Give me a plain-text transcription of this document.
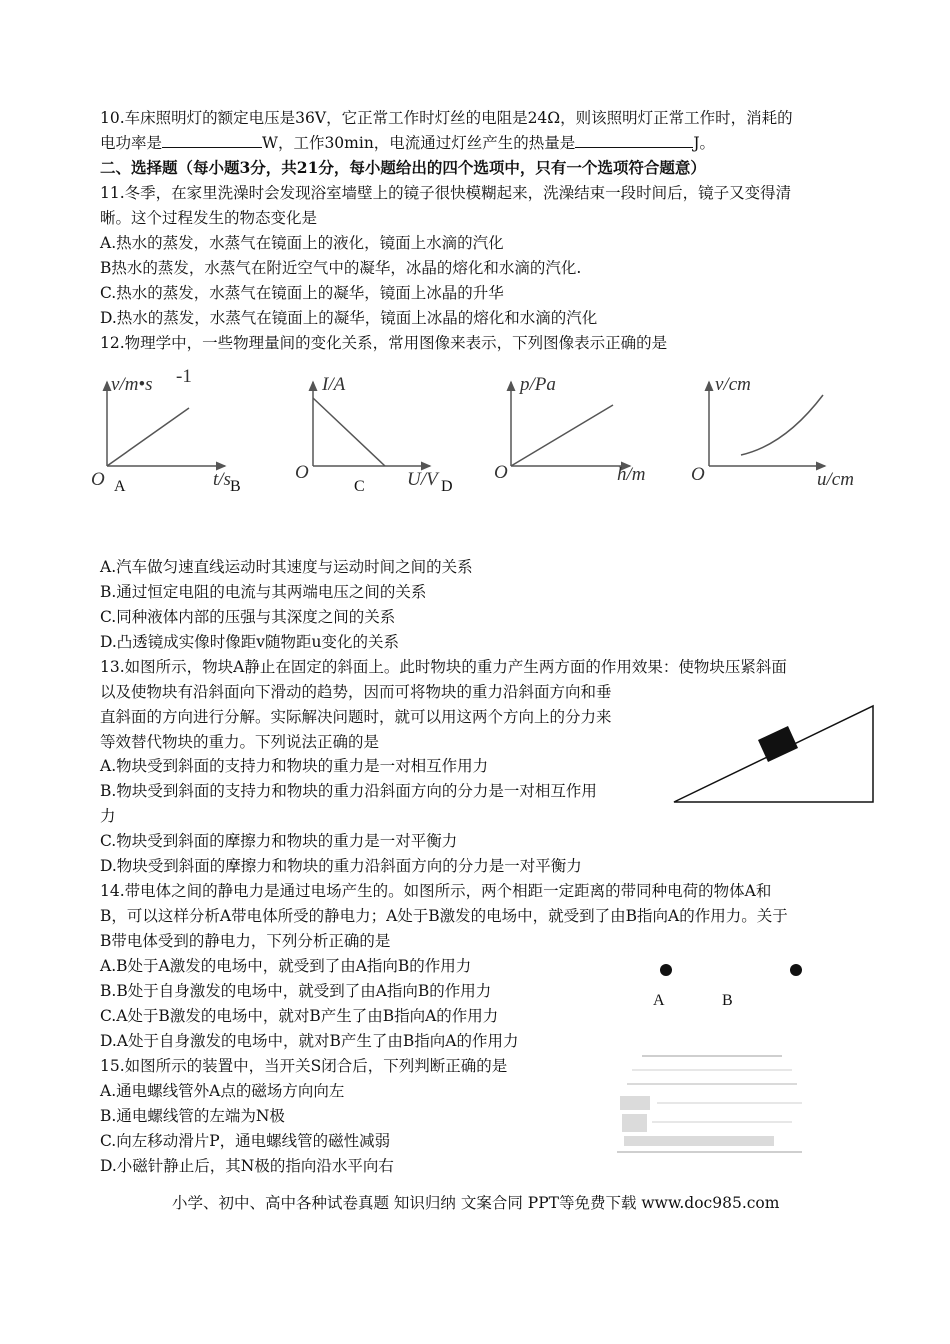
10.车床照明灯的额定电压是36V，它正常工作时灯丝的电阻是24Ω，则该照明灯正常工作时，消耗的
电功率是	W，工作30min，电流通过灯丝产生的热量是	J。
二、选择题（每小题3分，共21分，每小题给出的四个选项中，只有一个选项符合题意）
11.冬季，在家里洗澡时会发现浴室墙壁上的镜子很快模糊起来，洗澡结束一段时间后，镜子又变得清
晰。这个过程发生的物态变化是
A.热水的蒸发，水蒸气在镜面上的液化，镜面上水滴的汽化
B热水的蒸发，水蒸气在附近空气中的凝华，冰晶的熔化和水滴的汽化.
C.热水的蒸发，水蒸气在镜面上的凝华，镜面上冰晶的升华
D.热水的蒸发，水蒸气在镜面上的凝华，镜面上冰晶的熔化和水滴的汽化
12.物理学中，一些物理量间的变化关系，常用图像来表示，下列图像表示正确的是
v/m•s -1
t/s
O
I/A
U/V
O
p/Pa
h/m
O
v/cm
u/cm
O
A	B	C	D
A.汽车做匀速直线运动时其速度与运动时间之间的关系
B.通过恒定电阻的电流与其两端电压之间的关系
C.同种液体内部的压强与其深度之间的关系
D.凸透镜成实像时像距v随物距u变化的关系
13.如图所示，物块A静止在固定的斜面上。此时物块的重力产生两方面的作用效果：使物块压紧斜面
以及使物块有沿斜面向下滑动的趋势，因而可将物块的重力沿斜面方向和垂
直斜面的方向进行分解。实际解决问题时，就可以用这两个方向上的分力来
等效替代物块的重力。下列说法正确的是
A.物块受到斜面的支持力和物块的重力是一对相互作用力
B.物块受到斜面的支持力和物块的重力沿斜面方向的分力是一对相互作用
力
C.物块受到斜面的摩擦力和物块的重力是一对平衡力
D.物块受到斜面的摩擦力和物块的重力沿斜面方向的分力是一对平衡力
14.带电体之间的静电力是通过电场产生的。如图所示，两个相距一定距离的带同种电荷的物体A和
B，可以这样分析A带电体所受的静电力；A处于B激发的电场中，就受到了由B指向A的作用力。关于
B带电体受到的静电力，下列分析正确的是
A.B处于A激发的电场中，就受到了由A指向B的作用力
B.B处于自身激发的电场中，就受到了由A指向B的作用力
C.A处于B激发的电场中，就对B产生了由B指向A的作用力
D.A处于自身激发的电场中，就对B产生了由B指向A的作用力
A	B
15.如图所示的装置中，当开关S闭合后，下列判断正确的是
A.通电螺线管外A点的磁场方向向左
B.通电螺线管的左端为N极
C.向左移动滑片P，通电螺线管的磁性减弱
D.小磁针静止后，其N极的指向沿水平向右
小学、初中、高中各种试卷真题 知识归纳 文案合同 PPT等免费下载 www.doc985.com
